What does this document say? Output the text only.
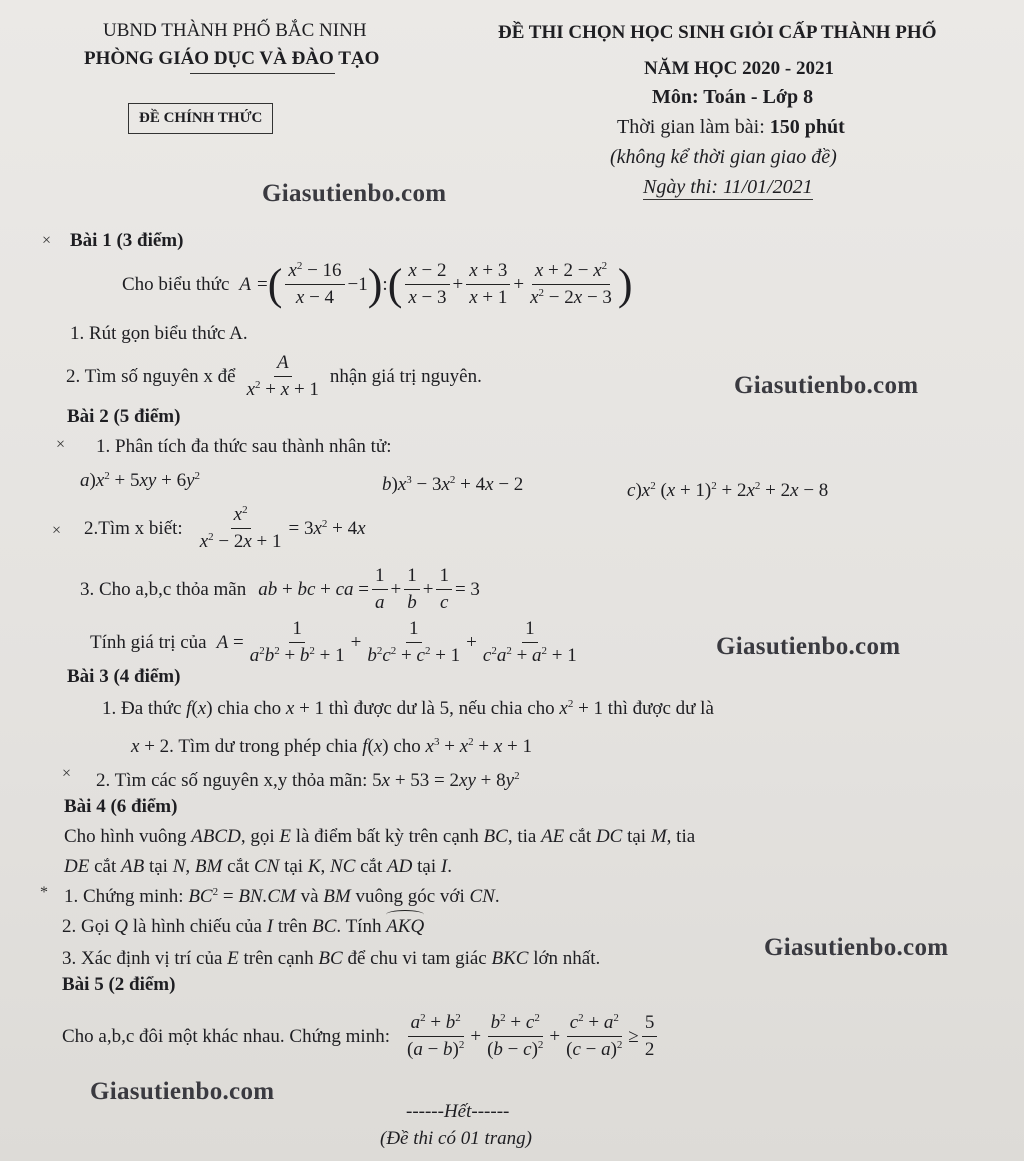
UBND THÀNH PHỐ BẮC NINH
PHÒNG GIÁO DỤC VÀ ĐÀO TẠO
ĐỀ CHÍNH THỨC
ĐỀ THI CHỌN HỌC SINH GIỎI CẤP THÀNH PHỐ
NĂM HỌC 2020 - 2021
Môn: Toán - Lớp 8
Thời gian làm bài: 150 phút
(không kể thời gian giao đề)
Ngày thi: 11/01/2021
Giasutienbo.com
Giasutienbo.com
Giasutienbo.com
Giasutienbo.com
Giasutienbo.com
×
×
×
×
*
Bài 1 (3 điểm)
Cho biểu thức A = ( $\frac{x^2 - 16}{x - 4} -1$ ) : ( $\frac{x - 2}{x - 3} + \frac{x + 3}{x + 1} + \frac{x + 2 - x^2}{x^2 - 2x - 3}$ )
1. Rút gọn biểu thức A.
2. Tìm số nguyên x để $\frac{A}{x^2 + x + 1}$ nhận giá trị nguyên.
Bài 2 (5 điểm)
1. Phân tích đa thức sau thành nhân tử:
$a)x^2 + 5xy + 6y^2$	$b)x^3 - 3x^2 + 4x - 2$	$c)x^2$ $(x + 1)^2 + 2x^2 + 2x - 8$
2.Tìm x biết: $\frac{x^2}{x^2 - 2x + 1} = 3x^2 + 4x$
3. Cho a,b,c thỏa mãn ab + bc + ca = $\frac{1}{a} + \frac{1}{b} + \frac{1}{c} = 3$
Tính giá trị của $A = \frac{1}{a^2b^2 + b^2 + 1} + \frac{1}{b^2c^2 + c^2 + 1} + \frac{1}{c^2a^2 + a^2 + 1}$
Bài 3 (4 điểm)
1. Đa thức f(x) chia cho x + 1 thì được dư là 5, nếu chia cho $x^2 + 1$ thì được dư là
x + 2. Tìm dư trong phép chia f(x) cho $x^3 + x^2 + x + 1$
2. Tìm các số nguyên x,y thỏa mãn: $5x + 53 = 2xy + 8y^2$
Bài 4 (6 điểm)
Cho hình vuông ABCD, gọi E là điểm bất kỳ trên cạnh BC, tia AE cắt DC tại M, tia
DE cắt AB tại N, BM cắt CN tại K, NC cắt AD tại I.
1. Chứng minh: $BC^2 = BN.CM$ và BM vuông góc với CN.
2. Gọi Q là hình chiếu của I trên BC. Tính AKQ
3. Xác định vị trí của E trên cạnh BC để chu vi tam giác BKC lớn nhất.
Bài 5 (2 điểm)
Cho a,b,c đôi một khác nhau. Chứng minh: $\frac{a^2 + b^2}{(a - b)^2} + \frac{b^2 + c^2}{(b - c)^2} + \frac{c^2 + a^2}{(c - a)^2} \ge \frac{5}{2}$
------Hết------
(Đề thi có 01 trang)
